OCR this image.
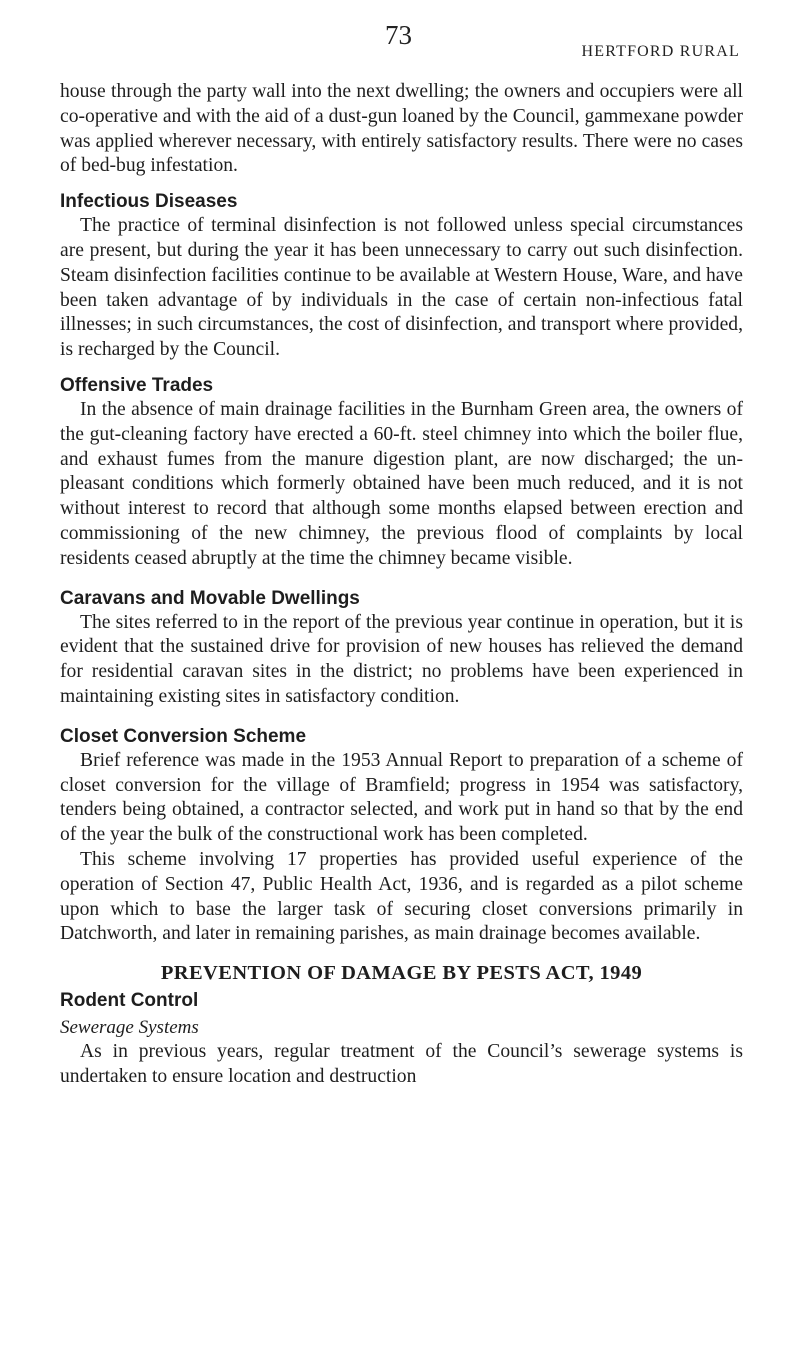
73
HERTFORD RURAL

house through the party wall into the next dwelling; the owners and occupiers were all co-operative and with the aid of a dust-gun loaned by the Council, gammexane powder was applied wherever necessary, with entirely satisfactory results. There were no cases of bed-bug infestation.

Infectious Diseases

The practice of terminal disinfection is not followed unless special circumstances are present, but during the year it has been unnecessary to carry out such disinfection. Steam disinfection facilities continue to be available at Western House, Ware, and have been taken advantage of by individuals in the case of certain non-infectious fatal illnesses; in such circumstances, the cost of disinfection, and transport where provided, is recharged by the Council.

Offensive Trades

In the absence of main drainage facilities in the Burnham Green area, the owners of the gut-cleaning factory have erected a 60-ft. steel chimney into which the boiler flue, and exhaust fumes from the manure digestion plant, are now discharged; the un-pleasant conditions which formerly obtained have been much reduced, and it is not without interest to record that although some months elapsed between erection and commissioning of the new chimney, the previous flood of complaints by local residents ceased abruptly at the time the chimney became visible.

Caravans and Movable Dwellings

The sites referred to in the report of the previous year continue in operation, but it is evident that the sustained drive for provision of new houses has relieved the demand for residential caravan sites in the district; no problems have been experienced in maintaining existing sites in satisfactory condition.

Closet Conversion Scheme

Brief reference was made in the 1953 Annual Report to preparation of a scheme of closet conversion for the village of Bramfield; progress in 1954 was satisfactory, tenders being obtained, a contractor selected, and work put in hand so that by the end of the year the bulk of the constructional work has been completed.

This scheme involving 17 properties has provided useful experience of the operation of Section 47, Public Health Act, 1936, and is regarded as a pilot scheme upon which to base the larger task of securing closet conversions primarily in Datchworth, and later in remaining parishes, as main drainage becomes available.

PREVENTION OF DAMAGE BY PESTS ACT, 1949
Rodent Control
Sewerage Systems

As in previous years, regular treatment of the Council’s sewerage systems is undertaken to ensure location and destruction
